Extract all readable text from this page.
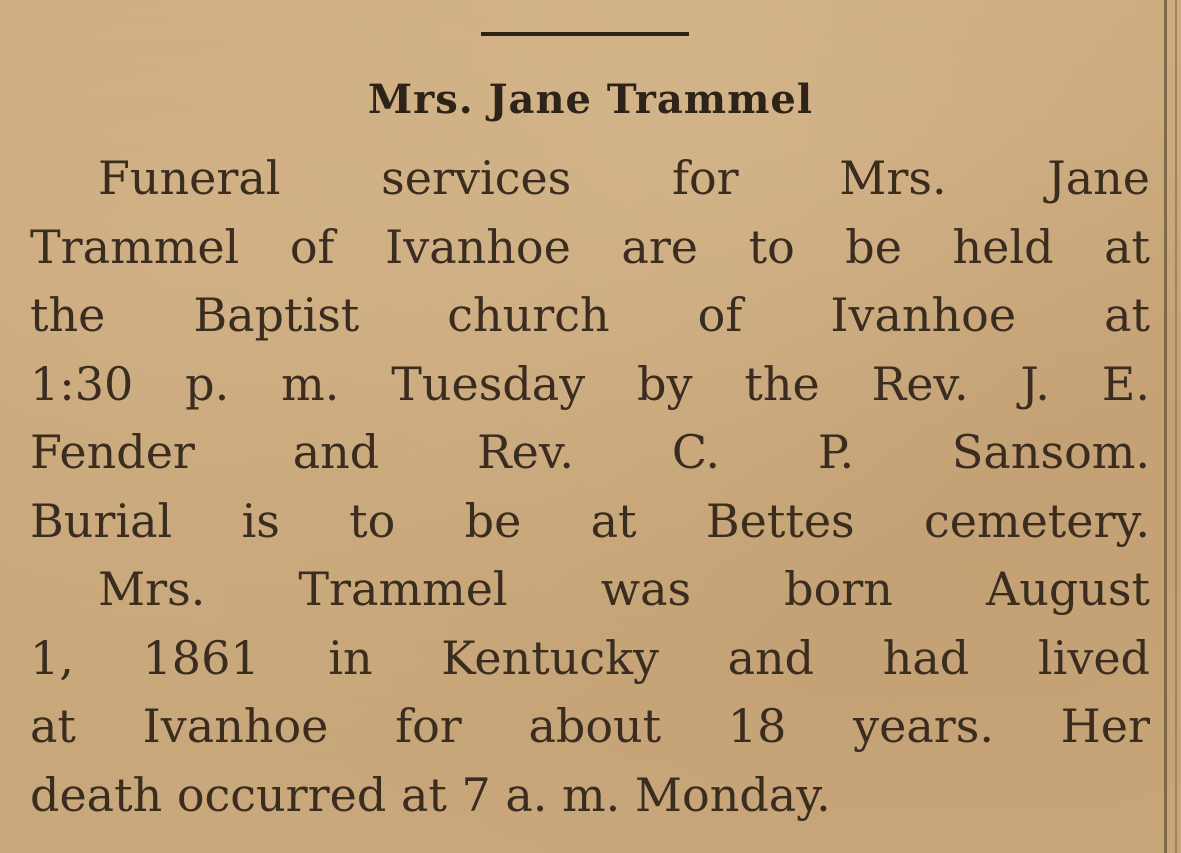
Mrs. Jane Trammel
Funeral services for Mrs. Jane
Trammel of Ivanhoe are to be held at
the Baptist church of Ivanhoe at
1:30 p. m. Tuesday by the Rev. J. E.
Fender and Rev. C. P. Sansom.
Burial is to be at Bettes cemetery.
Mrs. Trammel was born August
1, 1861 in Kentucky and had lived
at Ivanhoe for about 18 years. Her
death occurred at 7 a. m. Monday.
